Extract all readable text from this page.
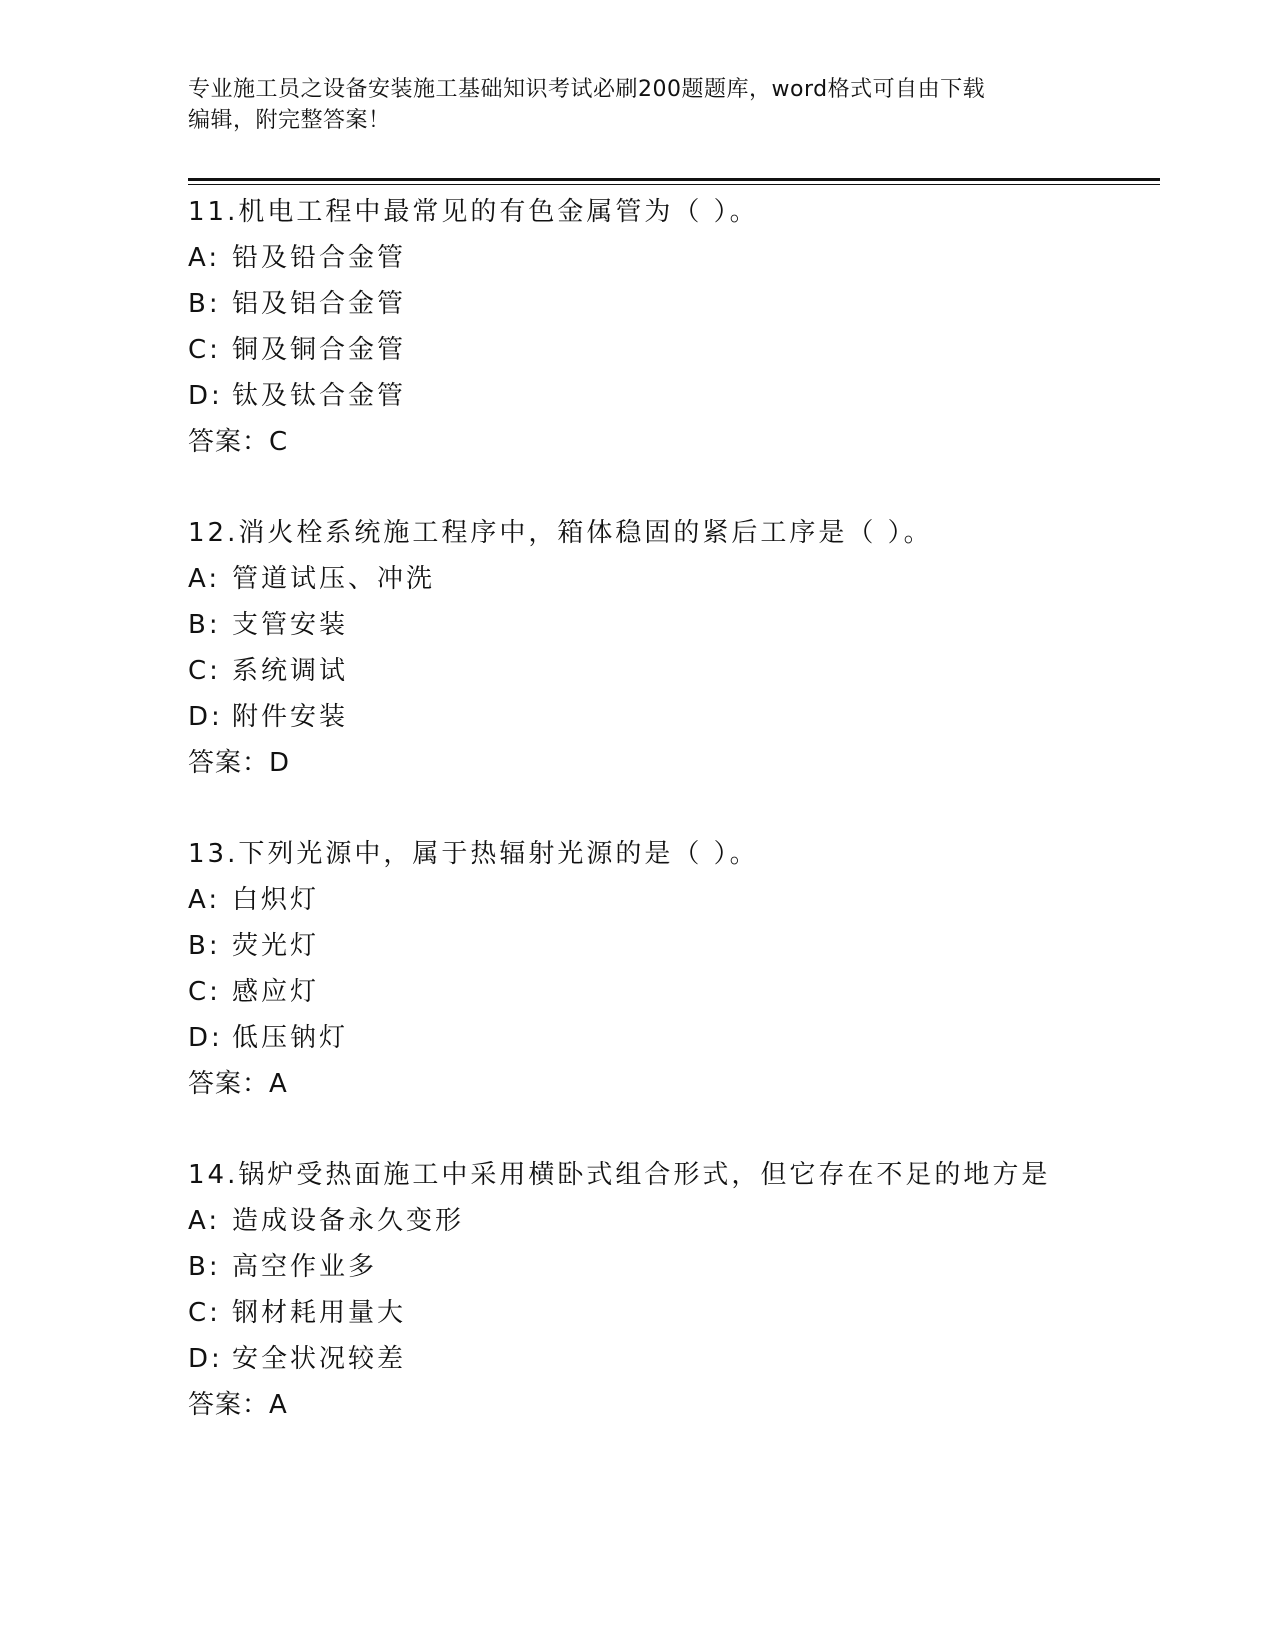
专业施工员之设备安装施工基础知识考试必刷200题题库，word格式可自由下载
编辑，附完整答案！
11.机电工程中最常见的有色金属管为（ ）。
A: 铅及铅合金管
B: 铝及铝合金管
C: 铜及铜合金管
D: 钛及钛合金管
答案：C
12.消火栓系统施工程序中，箱体稳固的紧后工序是（ ）。
A: 管道试压、冲洗
B: 支管安装
C: 系统调试
D: 附件安装
答案：D
13.下列光源中，属于热辐射光源的是（ ）。
A: 白炽灯
B: 荧光灯
C: 感应灯
D: 低压钠灯
答案：A
14.锅炉受热面施工中采用横卧式组合形式，但它存在不足的地方是
A: 造成设备永久变形
B: 高空作业多
C: 钢材耗用量大
D: 安全状况较差
答案：A
